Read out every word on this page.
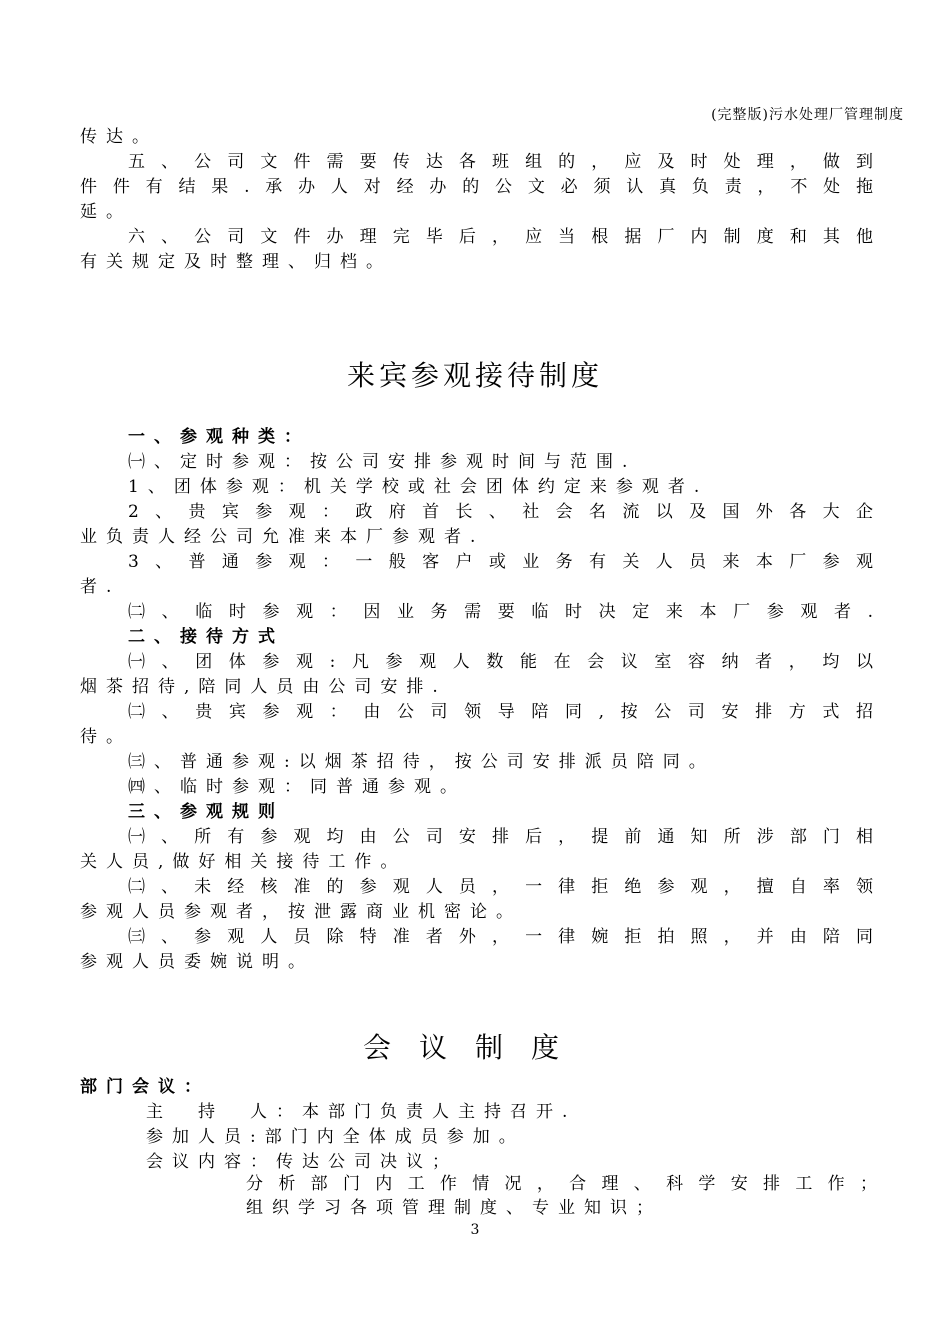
(完整版)污水处理厂管理制度
传达。
五、公司文件需要传达各班组的，应及时处理，做到
件件有结果.承办人对经办的公文必须认真负责，不处拖
延。
六、公司文件办理完毕后，应当根据厂内制度和其他
有关规定及时整理、归档。
来宾参观接待制度
一、参观种类：
㈠、定时参观：按公司安排参观时间与范围.
1、团体参观：机关学校或社会团体约定来参观者.
2、贵宾参观：政府首长、社会名流以及国外各大企
业负责人经公司允准来本厂参观者.
3、普通参观：一般客户或业务有关人员来本厂参观
者.
㈡、临时参观：因业务需要临时决定来本厂参观者.
二、接待方式
㈠、团体参观:凡参观人数能在会议室容纳者，均以
烟茶招待,陪同人员由公司安排.
㈡、贵宾参观：由公司领导陪同,按公司安排方式招
待。
㈢、普通参观:以烟茶招待，按公司安排派员陪同。
㈣、临时参观：同普通参观。
三、参观规则
㈠、所有参观均由公司安排后，提前通知所涉部门相
关人员,做好相关接待工作。
㈡、未经核准的参观人员，一律拒绝参观，擅自率领
参观人员参观者，按泄露商业机密论。
㈢、参观人员除特准者外，一律婉拒拍照，并由陪同
参观人员委婉说明。
会议制度
部门会议：
主　持　人：本部门负责人主持召开.
参加人员:部门内全体成员参加。
会议内容：传达公司决议；
分析部门内工作情况，合理、科学安排工作；
组织学习各项管理制度、专业知识；
3
